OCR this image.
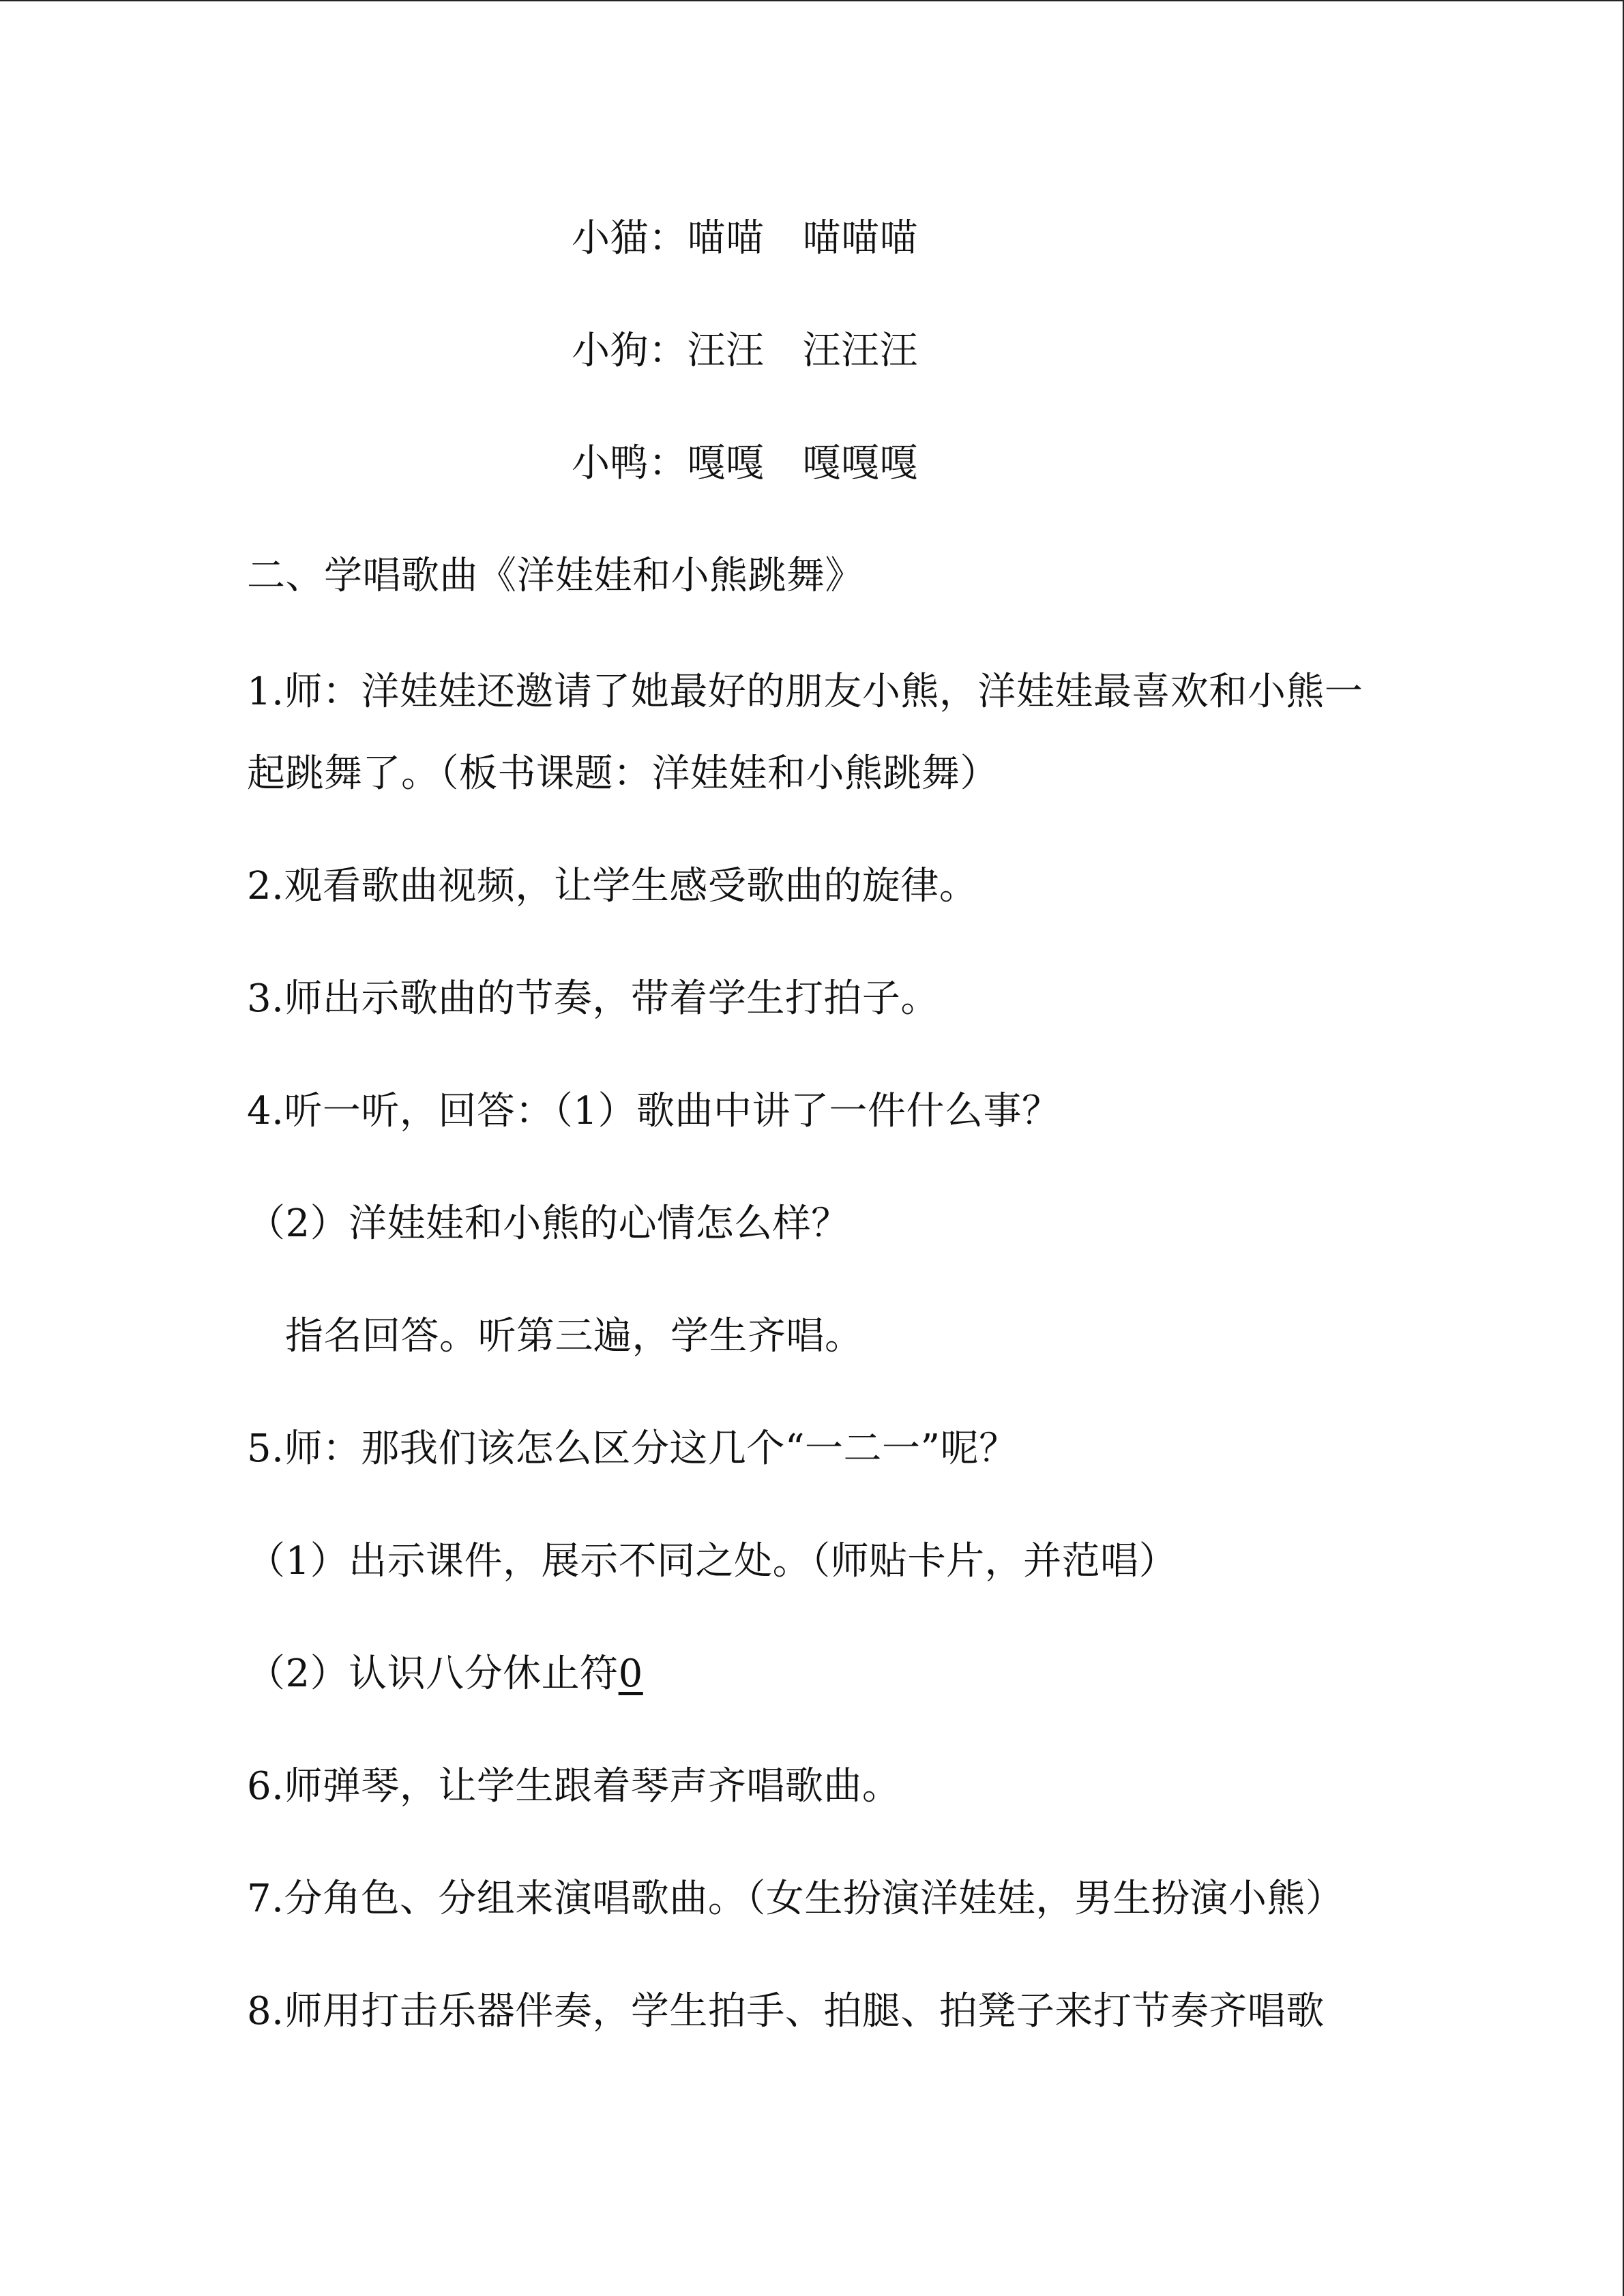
小猫：喵喵 喵喵喵
小狗：汪汪 汪汪汪
小鸭：嘎嘎 嘎嘎嘎
二、学唱歌曲《洋娃娃和小熊跳舞》
1.师：洋娃娃还邀请了她最好的朋友小熊，洋娃娃最喜欢和小熊一
起跳舞了。（板书课题：洋娃娃和小熊跳舞）
2.观看歌曲视频，让学生感受歌曲的旋律。
3.师出示歌曲的节奏，带着学生打拍子。
4.听一听，回答：（1）歌曲中讲了一件什么事？
（2）洋娃娃和小熊的心情怎么样？
指名回答。听第三遍，学生齐唱。
5.师：那我们该怎么区分这几个“一二一”呢？
（1）出示课件，展示不同之处。（师贴卡片，并范唱）
（2）认识八分休止符0
6.师弹琴，让学生跟着琴声齐唱歌曲。
7.分角色、分组来演唱歌曲。（女生扮演洋娃娃，男生扮演小熊）
8.师用打击乐器伴奏，学生拍手、拍腿、拍凳子来打节奏齐唱歌
